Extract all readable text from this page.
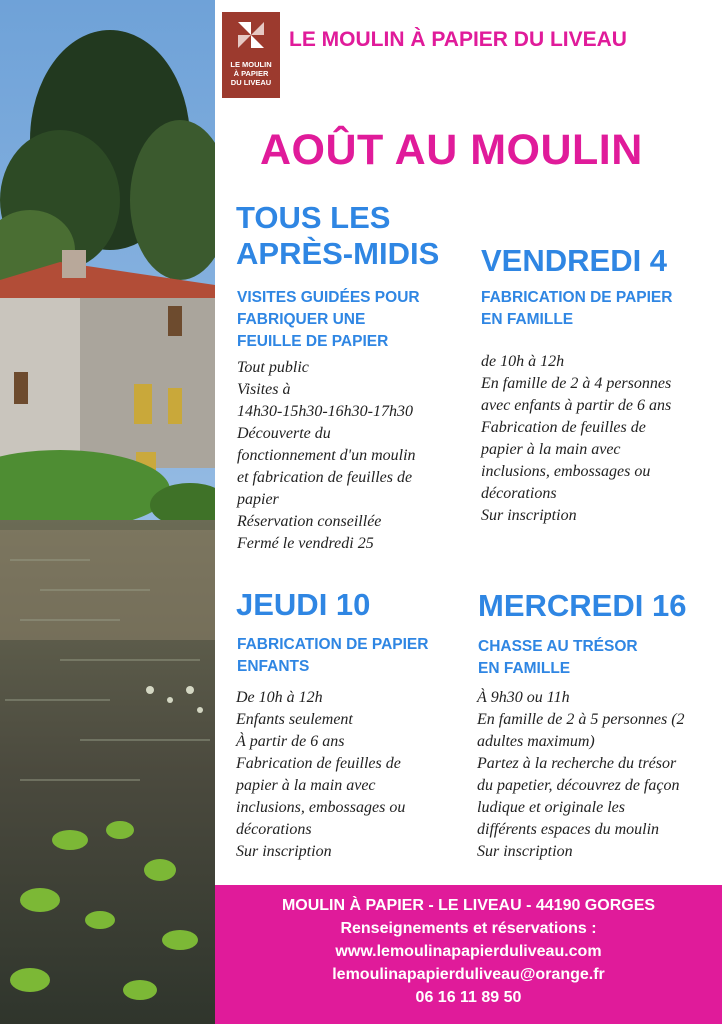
LE MOULIN
À PAPIER
DU LIVEAU
LE MOULIN À PAPIER DU LIVEAU
AOÛT AU MOULIN
TOUS LES
APRÈS-MIDIS
VISITES GUIDÉES POUR
FABRIQUER UNE
FEUILLE DE PAPIER
Tout public
Visites à
14h30-15h30-16h30-17h30
Découverte du
fonctionnement d'un moulin
et fabrication de feuilles de
papier
Réservation conseillée
Fermé le vendredi 25
VENDREDI 4
FABRICATION DE PAPIER
EN FAMILLE
de 10h à 12h
En famille de 2 à 4 personnes
avec enfants à partir de 6 ans
Fabrication de feuilles de
papier à la main avec
inclusions, embossages ou
décorations
Sur inscription
JEUDI 10
FABRICATION DE PAPIER
ENFANTS
De 10h à 12h
Enfants seulement
À partir de 6 ans
Fabrication de feuilles de
papier à la main avec
inclusions, embossages ou
décorations
Sur inscription
MERCREDI 16
CHASSE AU TRÉSOR
EN FAMILLE
À 9h30 ou 11h
En famille de 2 à 5 personnes (2
adultes maximum)
Partez à la recherche du trésor
du papetier, découvrez de façon
ludique et originale les
différents espaces du moulin
Sur inscription
MOULIN À PAPIER - LE LIVEAU - 44190 GORGES
Renseignements et réservations :
www.lemoulinapapierduliveau.com
lemoulinapapierduliveau@orange.fr
06 16 11 89 50
